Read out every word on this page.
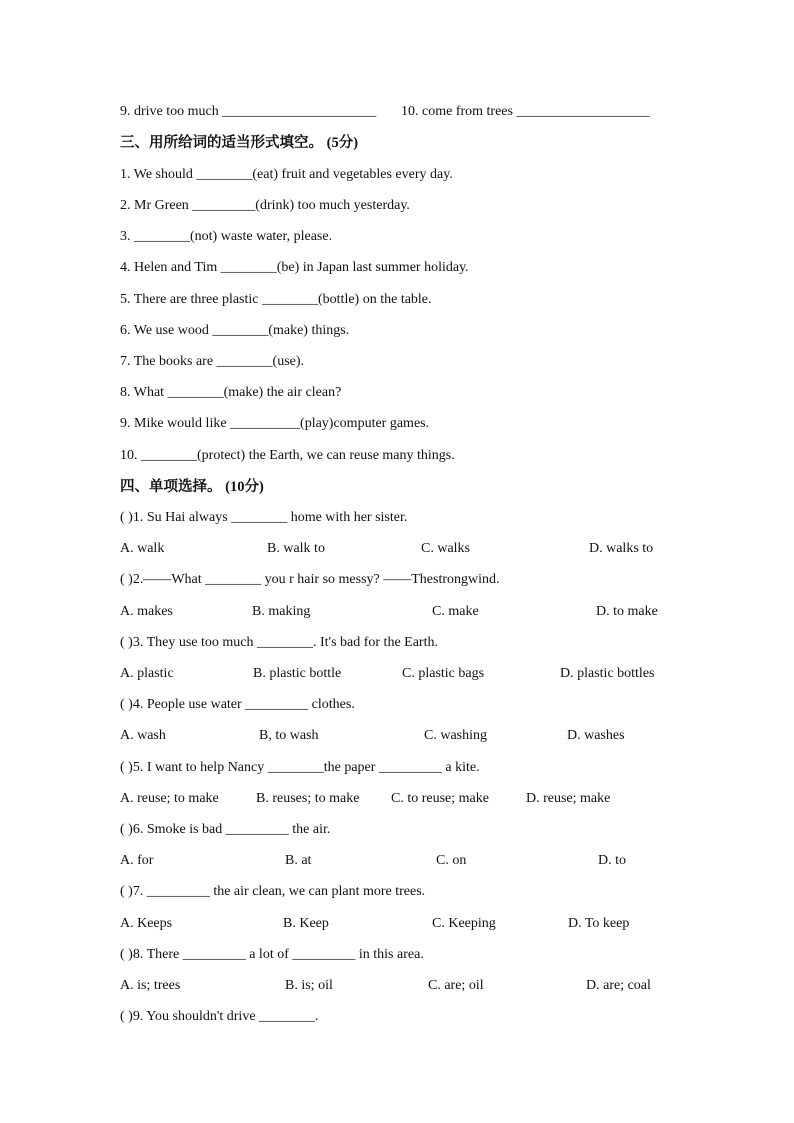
9. drive too much ______________________ 10. come from trees ___________________
三、用所给词的适当形式填空。 (5分)
1. We should ________(eat) fruit and vegetables every day.
2. Mr Green _________(drink) too much yesterday.
3. ________(not) waste water, please.
4. Helen and Tim ________(be) in Japan last summer holiday.
5. There are three plastic ________(bottle) on the table.
6. We use wood ________(make) things.
7. The books are ________(use).
8. What ________(make) the air clean?
9. Mike would like __________(play)computer games.
10. ________(protect) the Earth, we can reuse many things.
四、单项选择。 (10分)
( )1. Su Hai always ________ home with her sister.
A. walk	B. walk to	C. walks	D. walks to
( )2.——What ________ you r hair so messy? ——Thestrongwind.
A. makes	B. making	C. make	D. to make
( )3. They use too much ________. It's bad for the Earth.
A. plastic	B. plastic bottle	C. plastic bags	D. plastic bottles
( )4. People use water _________ clothes.
A. wash	B, to wash	C. washing	D. washes
( )5. I want to help Nancy ________the paper _________ a kite.
A. reuse; to make	B. reuses; to make C. to reuse; make	D. reuse; make
( )6. Smoke is bad _________ the air.
A. for	B. at	C. on	D. to
( )7. _________ the air clean, we can plant more trees.
A. Keeps	B. Keep	C. Keeping	D. To keep
( )8. There _________ a lot of _________ in this area.
A. is; trees	B. is; oil	C. are; oil	D. are; coal
( )9. You shouldn't drive ________.
